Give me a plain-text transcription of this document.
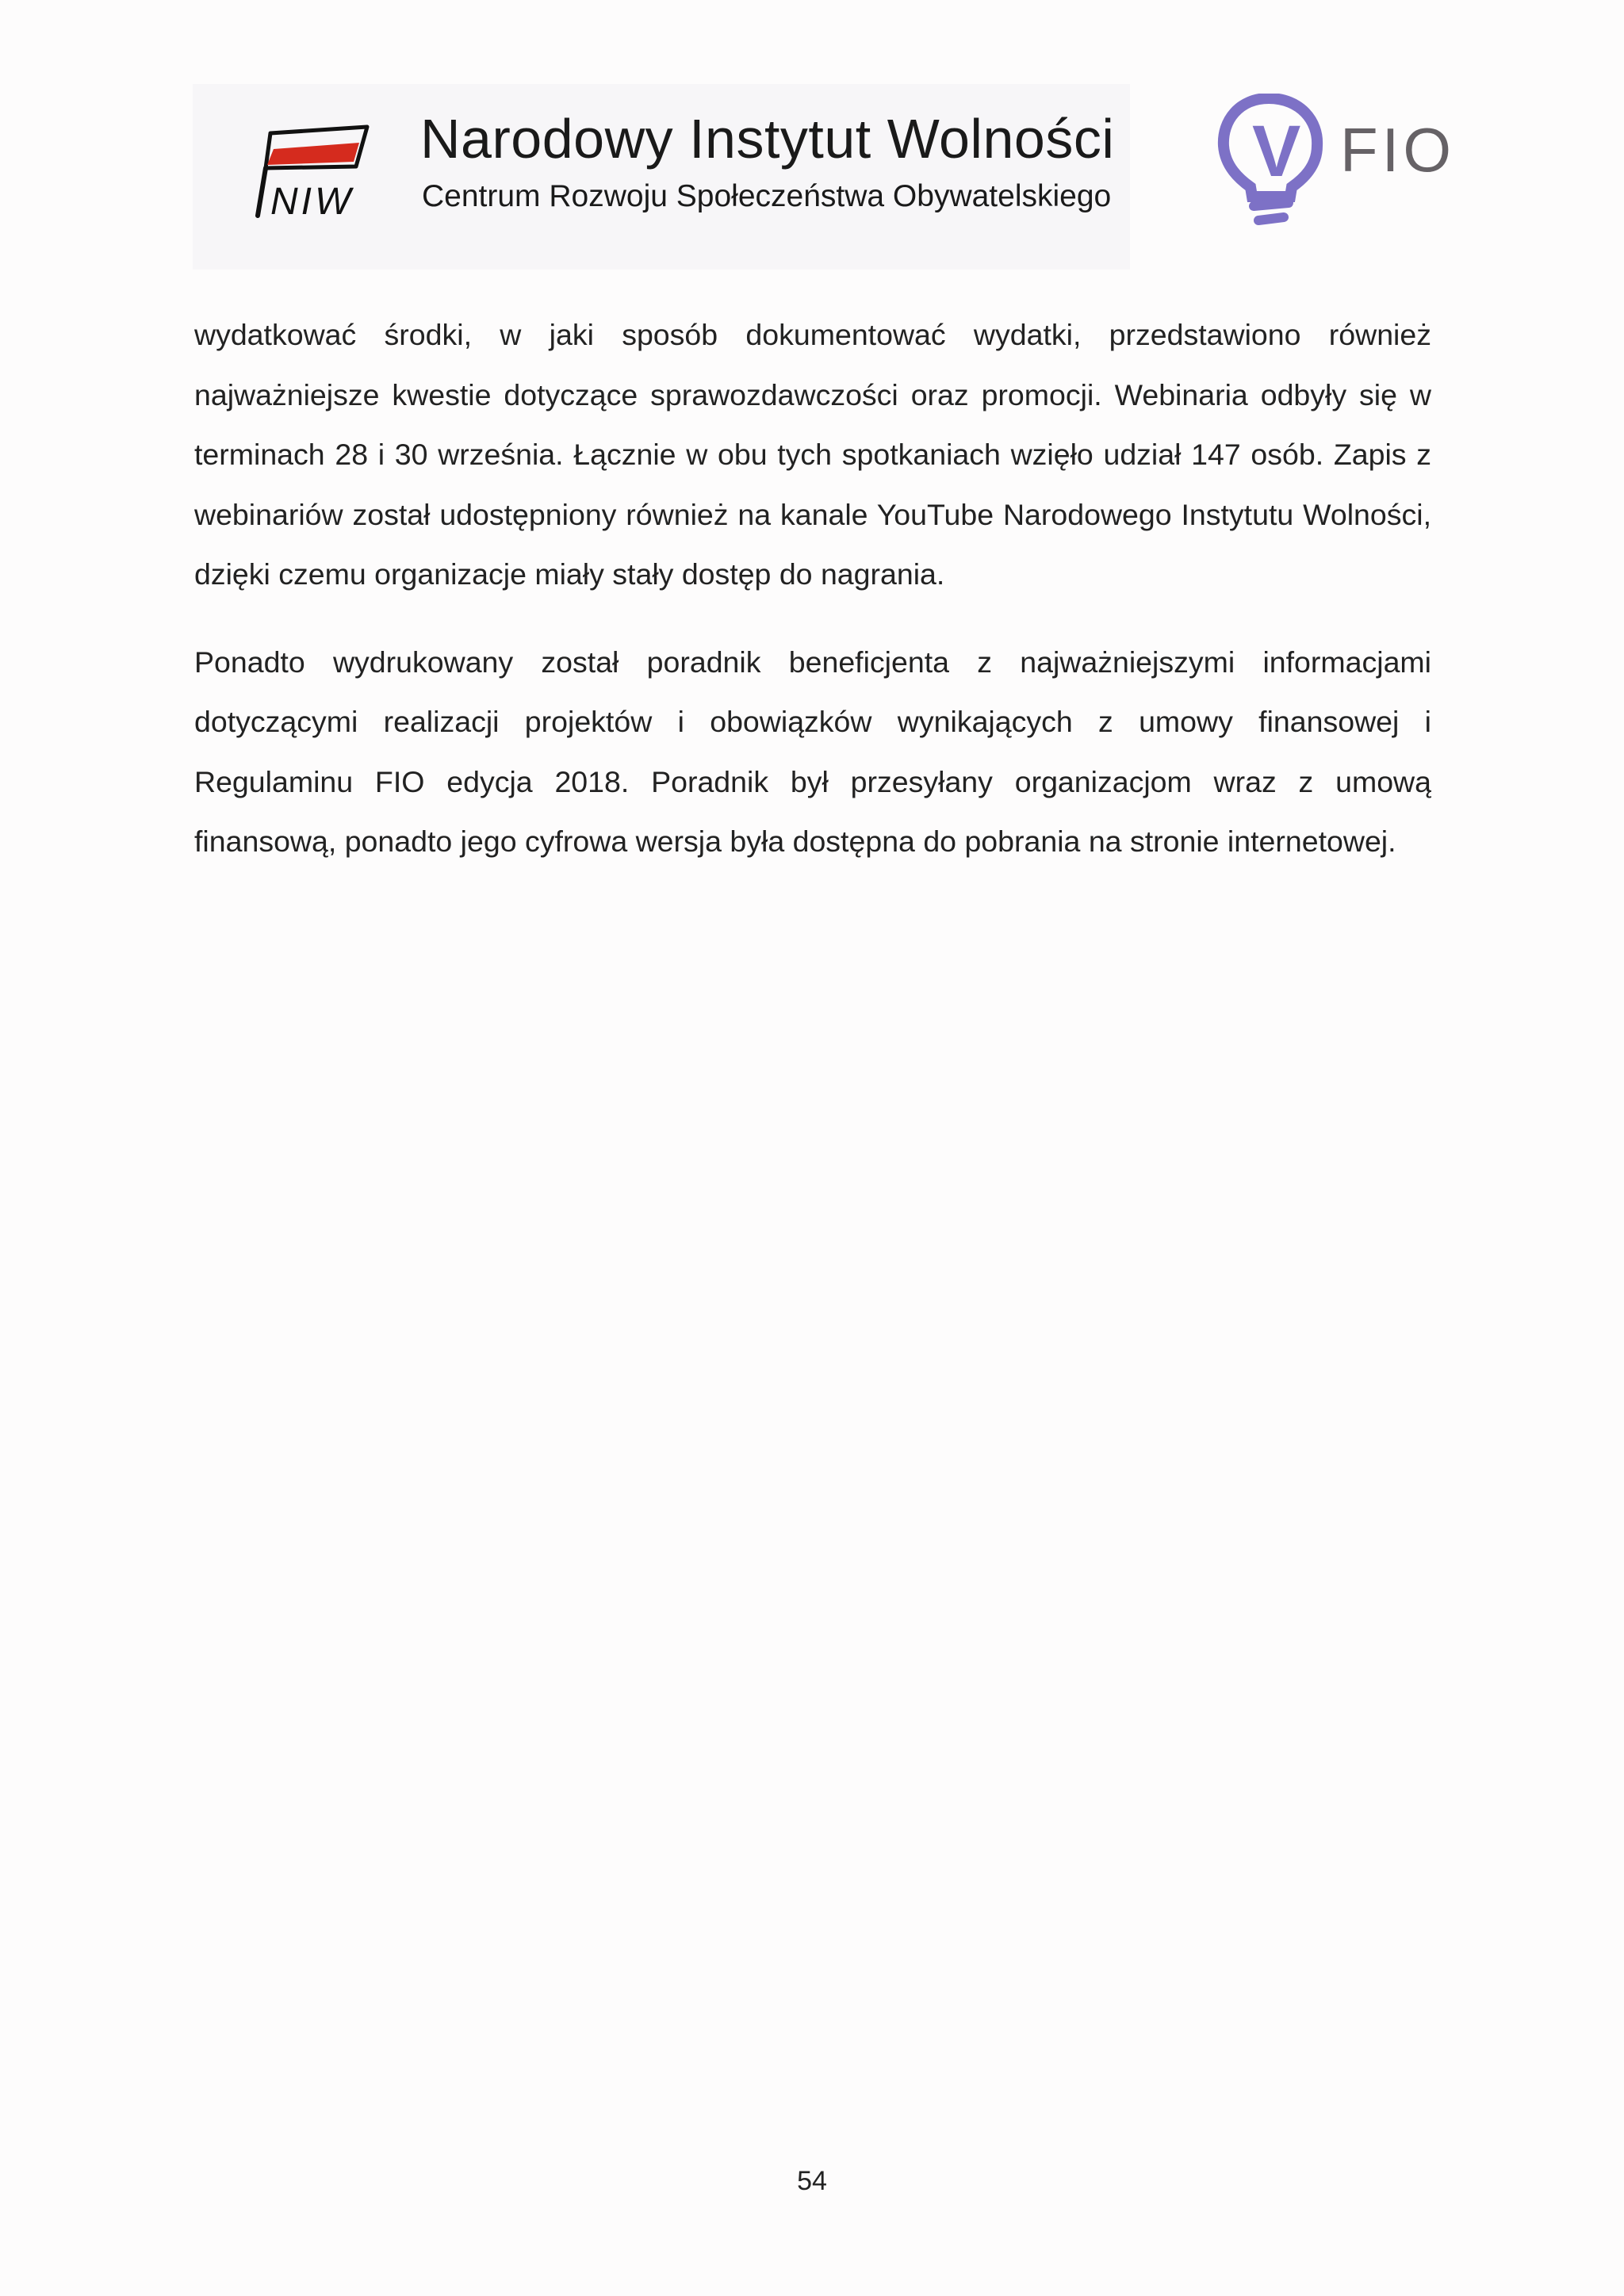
NIW
Narodowy Instytut Wolności
Centrum Rozwoju Społeczeństwa Obywatelskiego
V FIO

wydatkować środki, w jaki sposób dokumentować wydatki, przedstawiono również najważniejsze kwestie dotyczące sprawozdawczości oraz promocji. Webinaria odbyły się w terminach 28 i 30 września. Łącznie w obu tych spotkaniach wzięło udział 147 osób. Zapis z webinariów został udostępniony również na kanale YouTube Narodowego Instytutu Wolności, dzięki czemu organizacje miały stały dostęp do nagrania.

Ponadto wydrukowany został poradnik beneficjenta z najważniejszymi informacjami dotyczącymi realizacji projektów i obowiązków wynikających z umowy finansowej i Regulaminu FIO edycja 2018. Poradnik był przesyłany organizacjom wraz z umową finansową, ponadto jego cyfrowa wersja była dostępna do pobrania na stronie internetowej.

54
